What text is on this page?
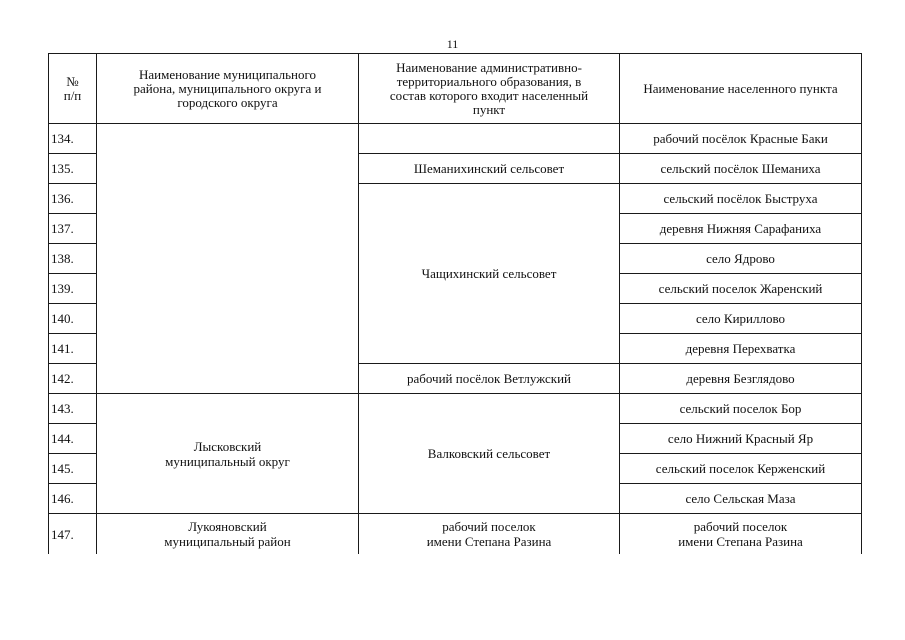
11
№
п/п	Наименование муниципального
района, муниципального округа и
городского округа	Наименование административно-
территориального образования, в
состав которого входит населенный
пункт	Наименование населенного пункта
134.			рабочий посёлок Красные Баки
135.		Шеманихинский сельсовет	сельский посёлок Шеманиха
136.		Чащихинский сельсовет	сельский посёлок Быструха
137.			деревня Нижняя Сарафаниха
138.			село Ядрово
139.			сельский поселок Жаренский
140.			село Кириллово
141.			деревня Перехватка
142.		рабочий посёлок Ветлужский	деревня Безглядово
143.	Лысковский
муниципальный округ	Валковский сельсовет	сельский поселок Бор
144.			село Нижний Красный Яр
145.			сельский поселок Керженский
146.			село Сельская Маза
147.	Лукояновский
муниципальный район	рабочий поселок
имени Степана Разина	рабочий поселок
имени Степана Разина
